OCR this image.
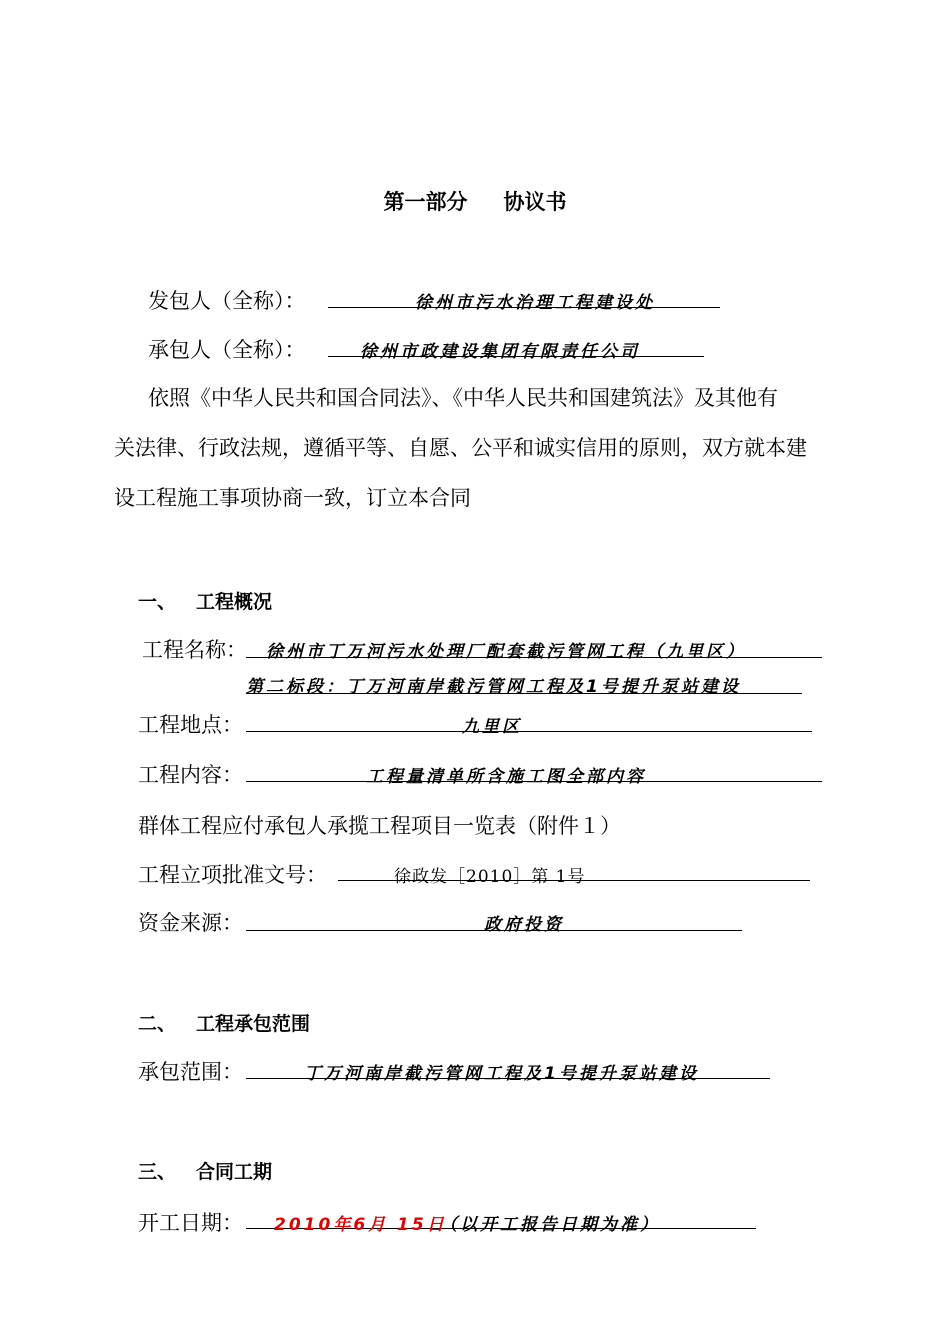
第一部分 协议书
发包人（全称）：	徐州市污水治理工程建设处
承包人（全称）：	徐州市政建设集团有限责任公司
依照《中华人民共和国合同法》、《中华人民共和国建筑法》及其他有
关法律、行政法规，遵循平等、自愿、公平和诚实信用的原则，双方就本建
设工程施工事项协商一致，订立本合同
一、 工程概况
工程名称： 徐州市丁万河污水处理厂配套截污管网工程（九里区）
第二标段：丁万河南岸截污管网工程及1号提升泵站建设
工程地点：	九里区
工程内容：	工程量清单所含施工图全部内容
群体工程应付承包人承揽工程项目一览表（附件１）
工程立项批准文号：	徐政发［2010］第 1号
资金来源：	政府投资
二、 工程承包范围
承包范围：	丁万河南岸截污管网工程及1号提升泵站建设
三、 合同工期
开工日期： 2010年6月 15日
（以开工报告日期为准）
